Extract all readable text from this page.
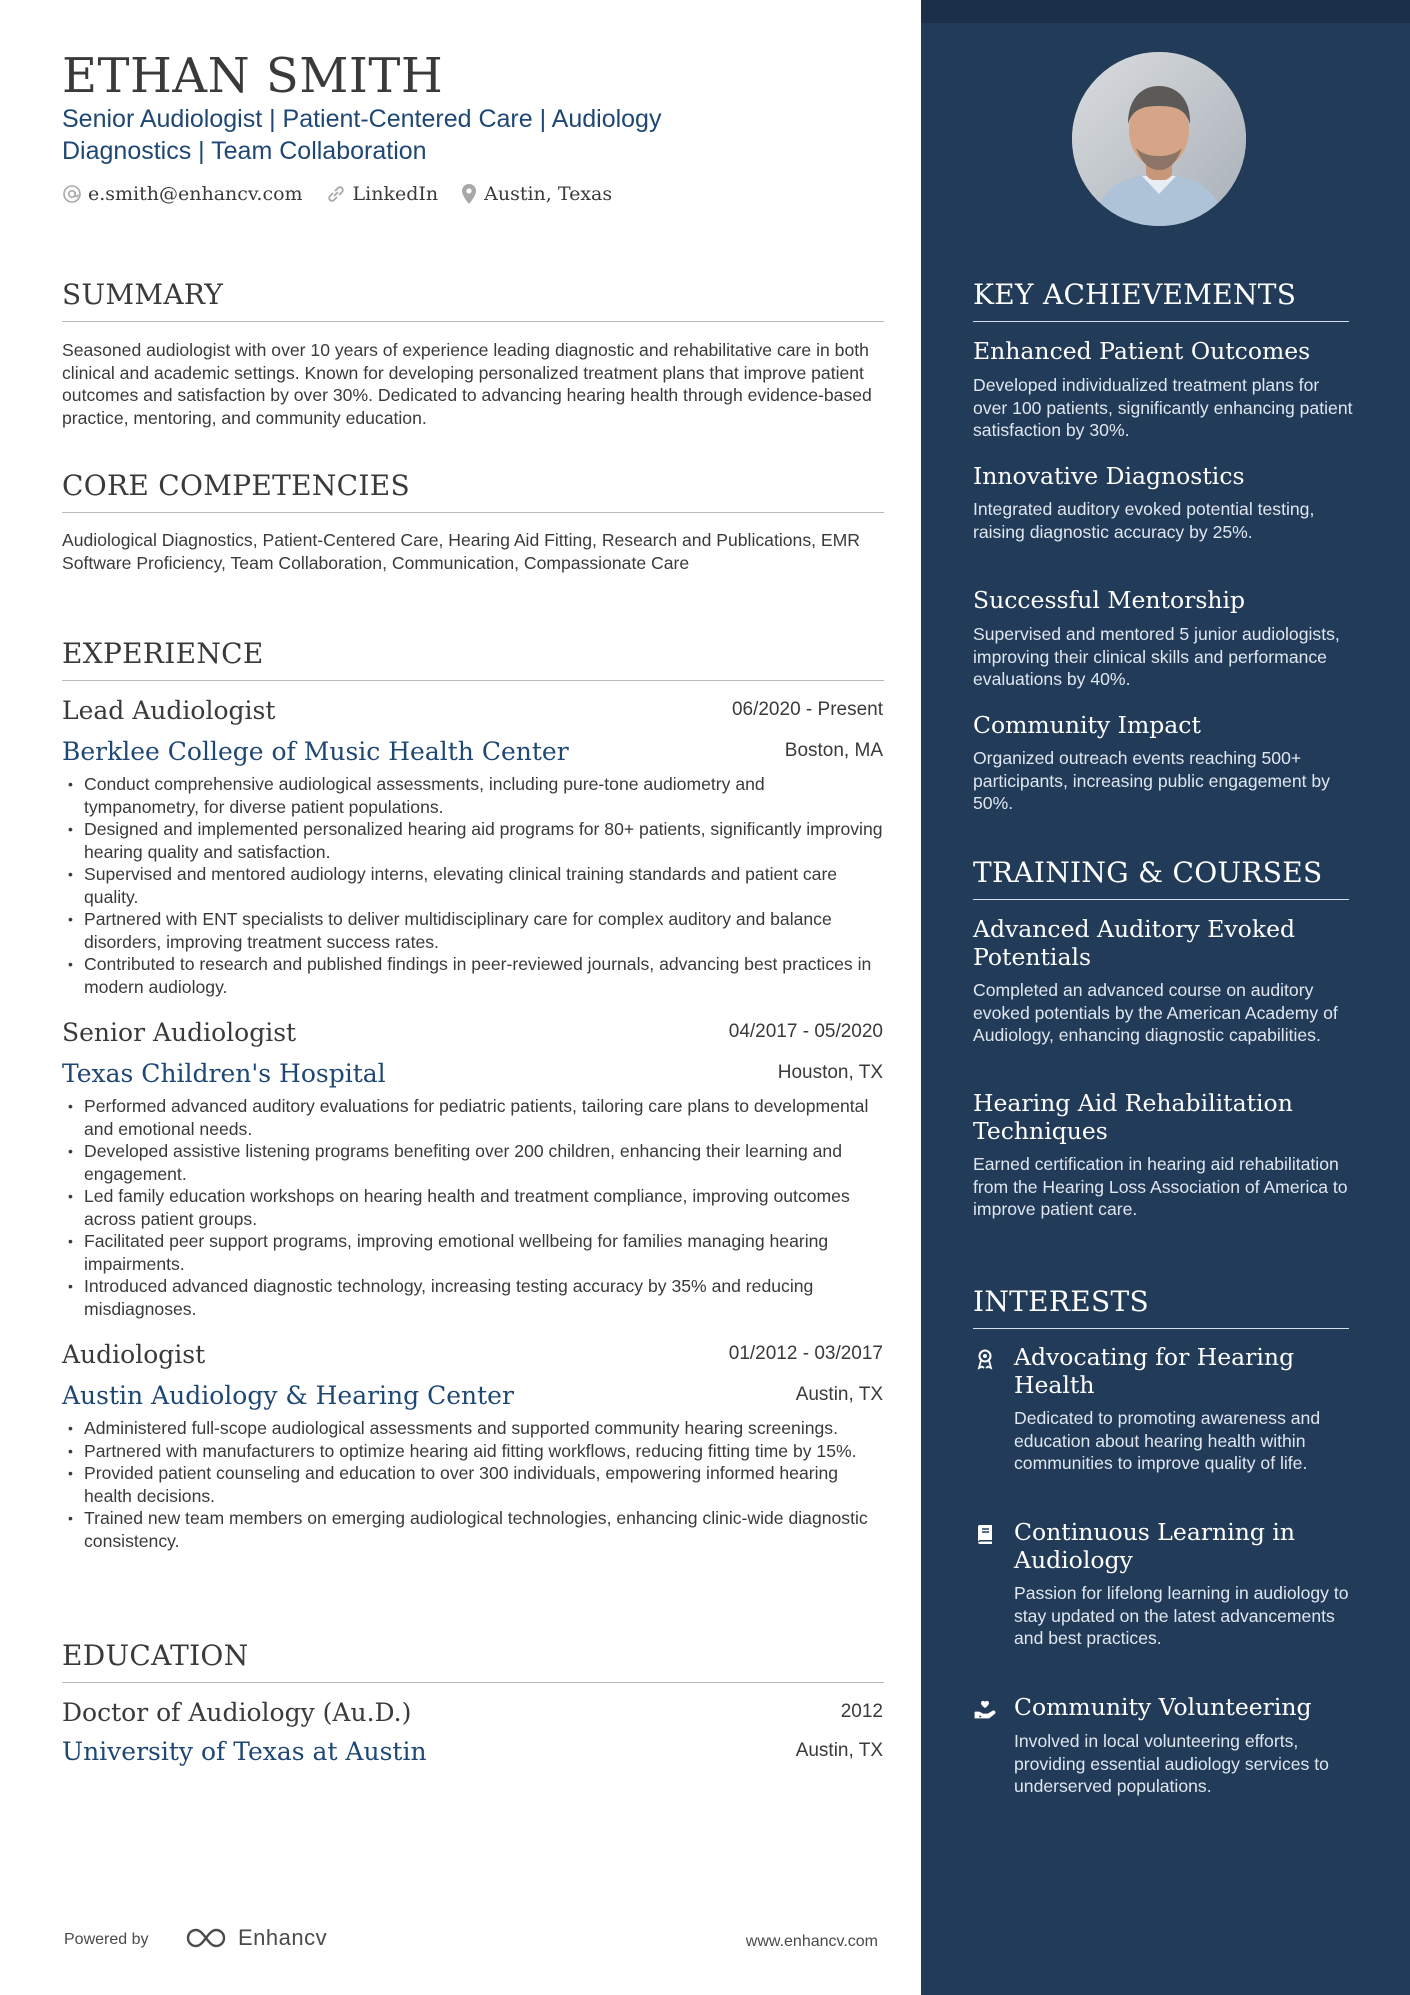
ETHAN SMITH
Senior Audiologist | Patient-Centered Care | Audiology Diagnostics | Team Collaboration
e.smith@enhancv.com	LinkedIn Austin, Texas
SUMMARY
Seasoned audiologist with over 10 years of experience leading diagnostic and rehabilitative care in both clinical and academic settings. Known for developing personalized treatment plans that improve patient outcomes and satisfaction by over 30%. Dedicated to advancing hearing health through evidence-based practice, mentoring, and community education.
CORE COMPETENCIES
Audiological Diagnostics, Patient-Centered Care, Hearing Aid Fitting, Research and Publications, EMR Software Proficiency, Team Collaboration, Communication, Compassionate Care
EXPERIENCE
Lead Audiologist	06/2020 - Present
Berklee College of Music Health Center	Boston, MA
• Conduct comprehensive audiological assessments, including pure-tone audiometry and tympanometry, for diverse patient populations.
• Designed and implemented personalized hearing aid programs for 80+ patients, significantly improving hearing quality and satisfaction.
• Supervised and mentored audiology interns, elevating clinical training standards and patient care quality.
• Partnered with ENT specialists to deliver multidisciplinary care for complex auditory and balance disorders, improving treatment success rates.
• Contributed to research and published findings in peer-reviewed journals, advancing best practices in modern audiology.
Senior Audiologist	04/2017 - 05/2020
Texas Children's Hospital	Houston, TX
• Performed advanced auditory evaluations for pediatric patients, tailoring care plans to developmental and emotional needs.
• Developed assistive listening programs benefiting over 200 children, enhancing their learning and engagement.
• Led family education workshops on hearing health and treatment compliance, improving outcomes across patient groups.
• Facilitated peer support programs, improving emotional wellbeing for families managing hearing impairments.
• Introduced advanced diagnostic technology, increasing testing accuracy by 35% and reducing misdiagnoses.
Audiologist	01/2012 - 03/2017
Austin Audiology & Hearing Center	Austin, TX
• Administered full-scope audiological assessments and supported community hearing screenings.
• Partnered with manufacturers to optimize hearing aid fitting workflows, reducing fitting time by 15%.
• Provided patient counseling and education to over 300 individuals, empowering informed hearing health decisions.
• Trained new team members on emerging audiological technologies, enhancing clinic-wide diagnostic consistency.
EDUCATION
Doctor of Audiology (Au.D.)	2012
University of Texas at Austin	Austin, TX
Powered by	Enhancv	www.enhancv.com
KEY ACHIEVEMENTS
Enhanced Patient Outcomes
Developed individualized treatment plans for over 100 patients, significantly enhancing patient satisfaction by 30%.
Innovative Diagnostics
Integrated auditory evoked potential testing, raising diagnostic accuracy by 25%.
Successful Mentorship
Supervised and mentored 5 junior audiologists, improving their clinical skills and performance evaluations by 40%.
Community Impact
Organized outreach events reaching 500+ participants, increasing public engagement by 50%.
TRAINING & COURSES
Advanced Auditory Evoked Potentials
Completed an advanced course on auditory evoked potentials by the American Academy of Audiology, enhancing diagnostic capabilities.
Hearing Aid Rehabilitation Techniques
Earned certification in hearing aid rehabilitation from the Hearing Loss Association of America to improve patient care.
INTERESTS
Advocating for Hearing Health
Dedicated to promoting awareness and education about hearing health within communities to improve quality of life.
Continuous Learning in Audiology
Passion for lifelong learning in audiology to stay updated on the latest advancements and best practices.
Community Volunteering
Involved in local volunteering efforts, providing essential audiology services to underserved populations.
